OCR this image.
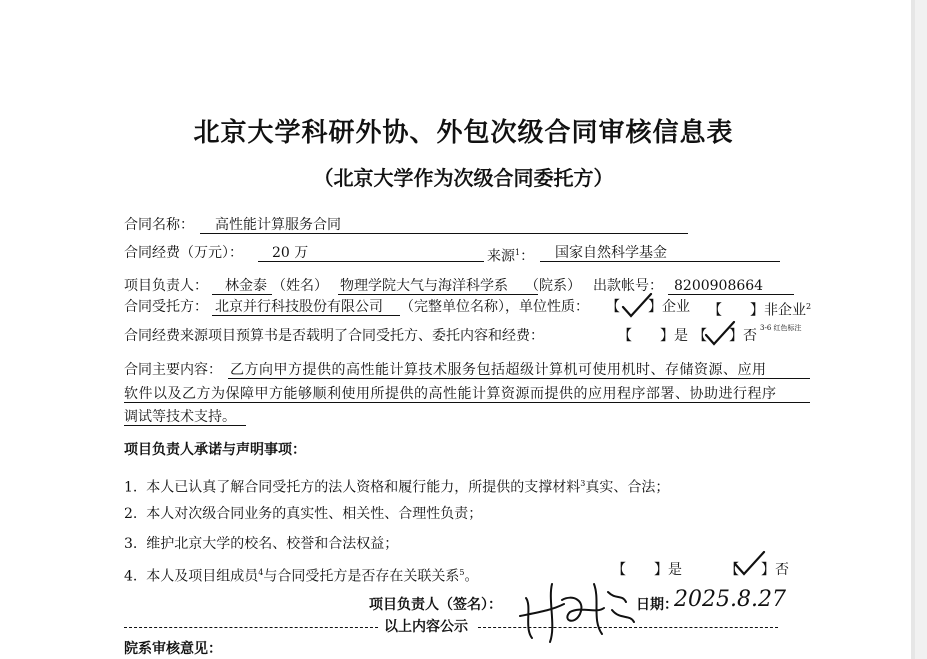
北京大学科研外协、外包次级合同审核信息表
（北京大学作为次级合同委托方）
合同名称： 高性能计算服务合同
合同经费（万元）： 20 万	来源$^1$： 国家自然科学基金
项目负责人： 林金泰 （姓名） 物理学院大气与海洋科学系 （院系） 出款帐号： 8200908664
合同受托方： 北京并行科技股份有限公司 （完整单位名称），单位性质： 【 】企业 【　　】非企业$^2$
合同经费来源项目预算书是否载明了合同受托方、委托内容和经费：	【　　】是 【 】否 3-6 红色标注
合同主要内容： 乙方向甲方提供的高性能计算技术服务包括超级计算机可使用机时、存储资源、应用
软件以及乙方为保障甲方能够顺利使用所提供的高性能计算资源而提供的应用程序部署、协助进行程序
调试等技术支持。
项目负责人承诺与声明事项：
1. 本人已认真了解合同受托方的法人资格和履行能力，所提供的支撑材料$^3$真实、合法；
2. 本人对次级合同业务的真实性、相关性、合理性负责；
3. 维护北京大学的校名、校誉和合法权益；
4. 本人及项目组成员$^4$与合同受托方是否存在关联关系$^5$。	【　　】是	【 】否
项目负责人（签名）：	日期：
2025.8.27
以上内容公示
院系审核意见：
